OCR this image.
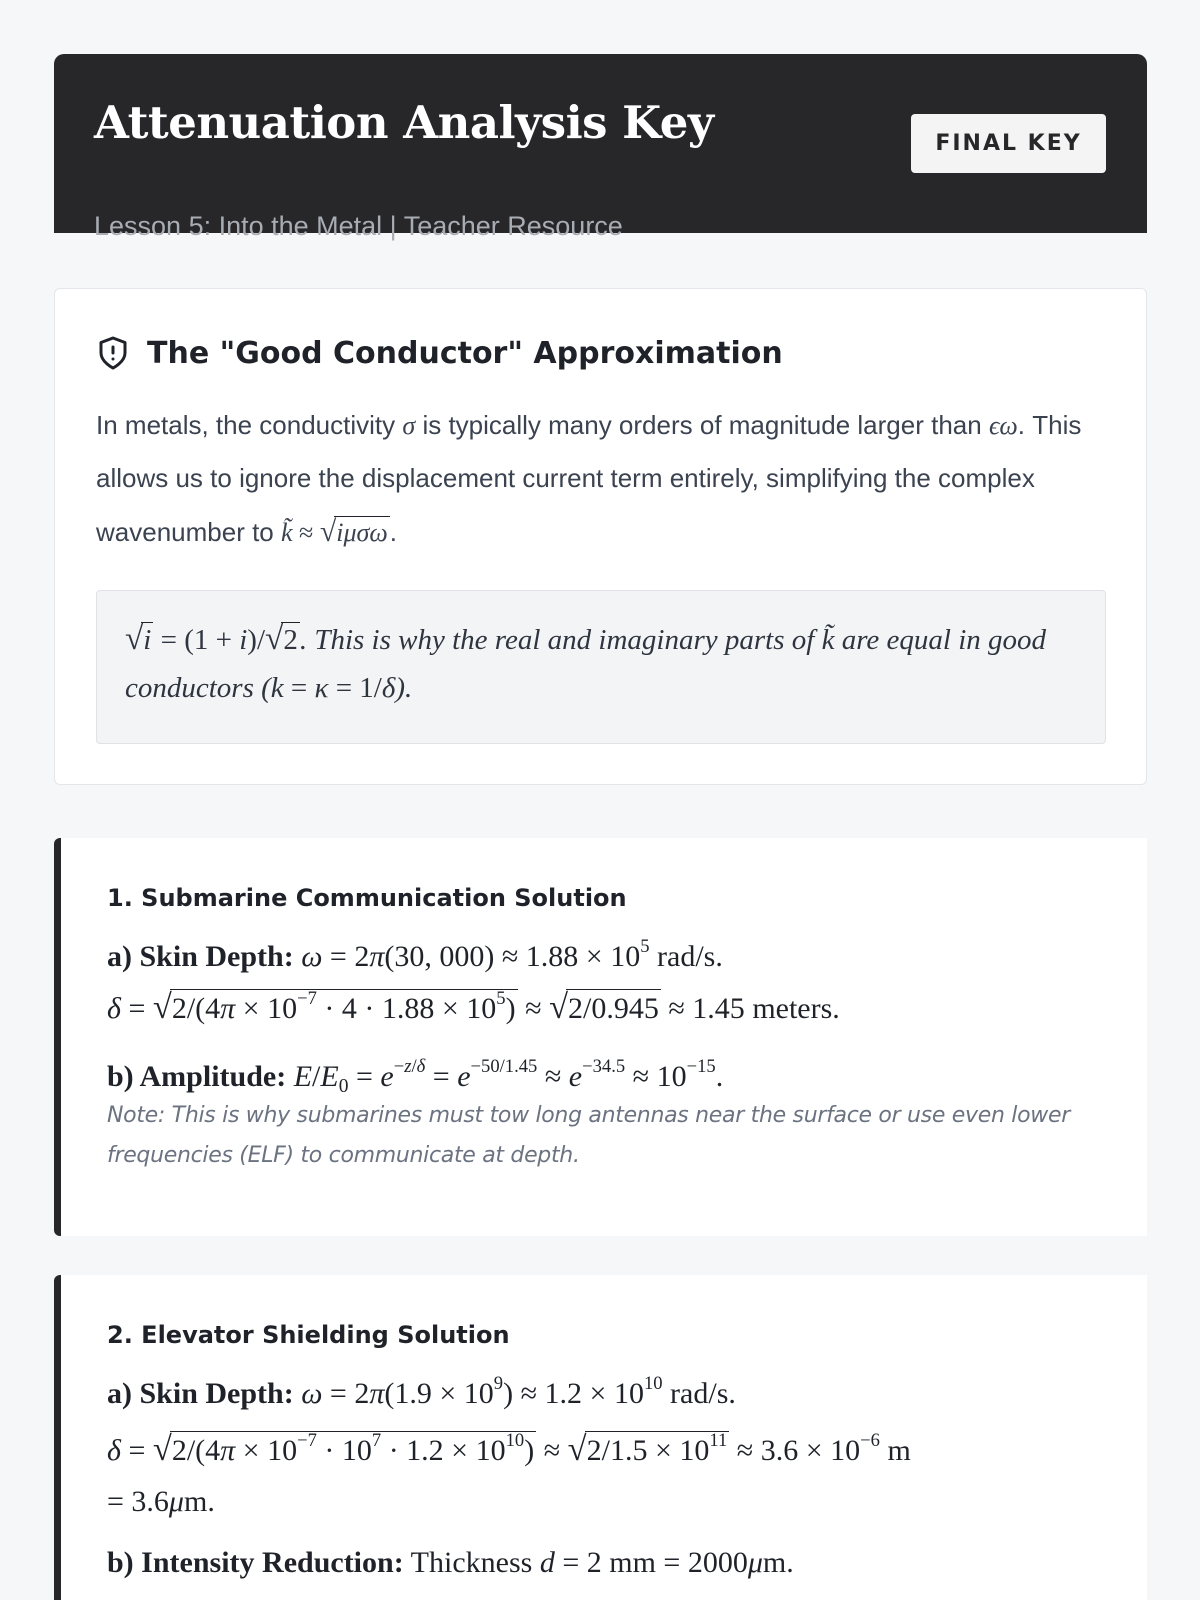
Attenuation Analysis Key
Lesson 5: Into the Metal | Teacher Resource
FINAL KEY
The "Good Conductor" Approximation
In metals, the conductivity σ is typically many orders of magnitude larger than ϵω. This allows us to ignore the displacement current term entirely, simplifying the complex wavenumber to k̃ ≈ √iμσω.
√i = (1 + i)/√2. This is why the real and imaginary parts of k̃ are equal in good conductors (k = κ = 1/δ).
1. Submarine Communication Solution
a) Skin Depth: ω = 2π(30, $000) \approx 1.88 \times 10^5$ rad/s.
$\delta = √2/(4\pi \times 10^{-7} \cdot 4 \cdot 1.88 \times 10^5) \approx √2/0.945 \approx 1.45$ meters.
b) Amplitude: $E/E_0 = e^{-z/\delta} = e^{-50/1.45} \approx e^{-34.5} \approx 10^{-15}$.
Note: This is why submarines must tow long antennas near the surface or use even lower frequencies (ELF) to communicate at depth.
2. Elevator Shielding Solution
a) Skin Depth: $\omega = 2\pi(1.9 \times 10^9) \approx 1.2 \times 10^{10}$ rad/s.
$\delta = √2/(4\pi \times 10^{-7} \cdot 10^7 \cdot 1.2 \times 10^{10}) \approx √2/1.5 \times 10^{11} \approx 3.6 \times 10^{-6}$ m
= 3.6μm.
b) Intensity Reduction: Thickness d = 2 mm = 2000μm.
